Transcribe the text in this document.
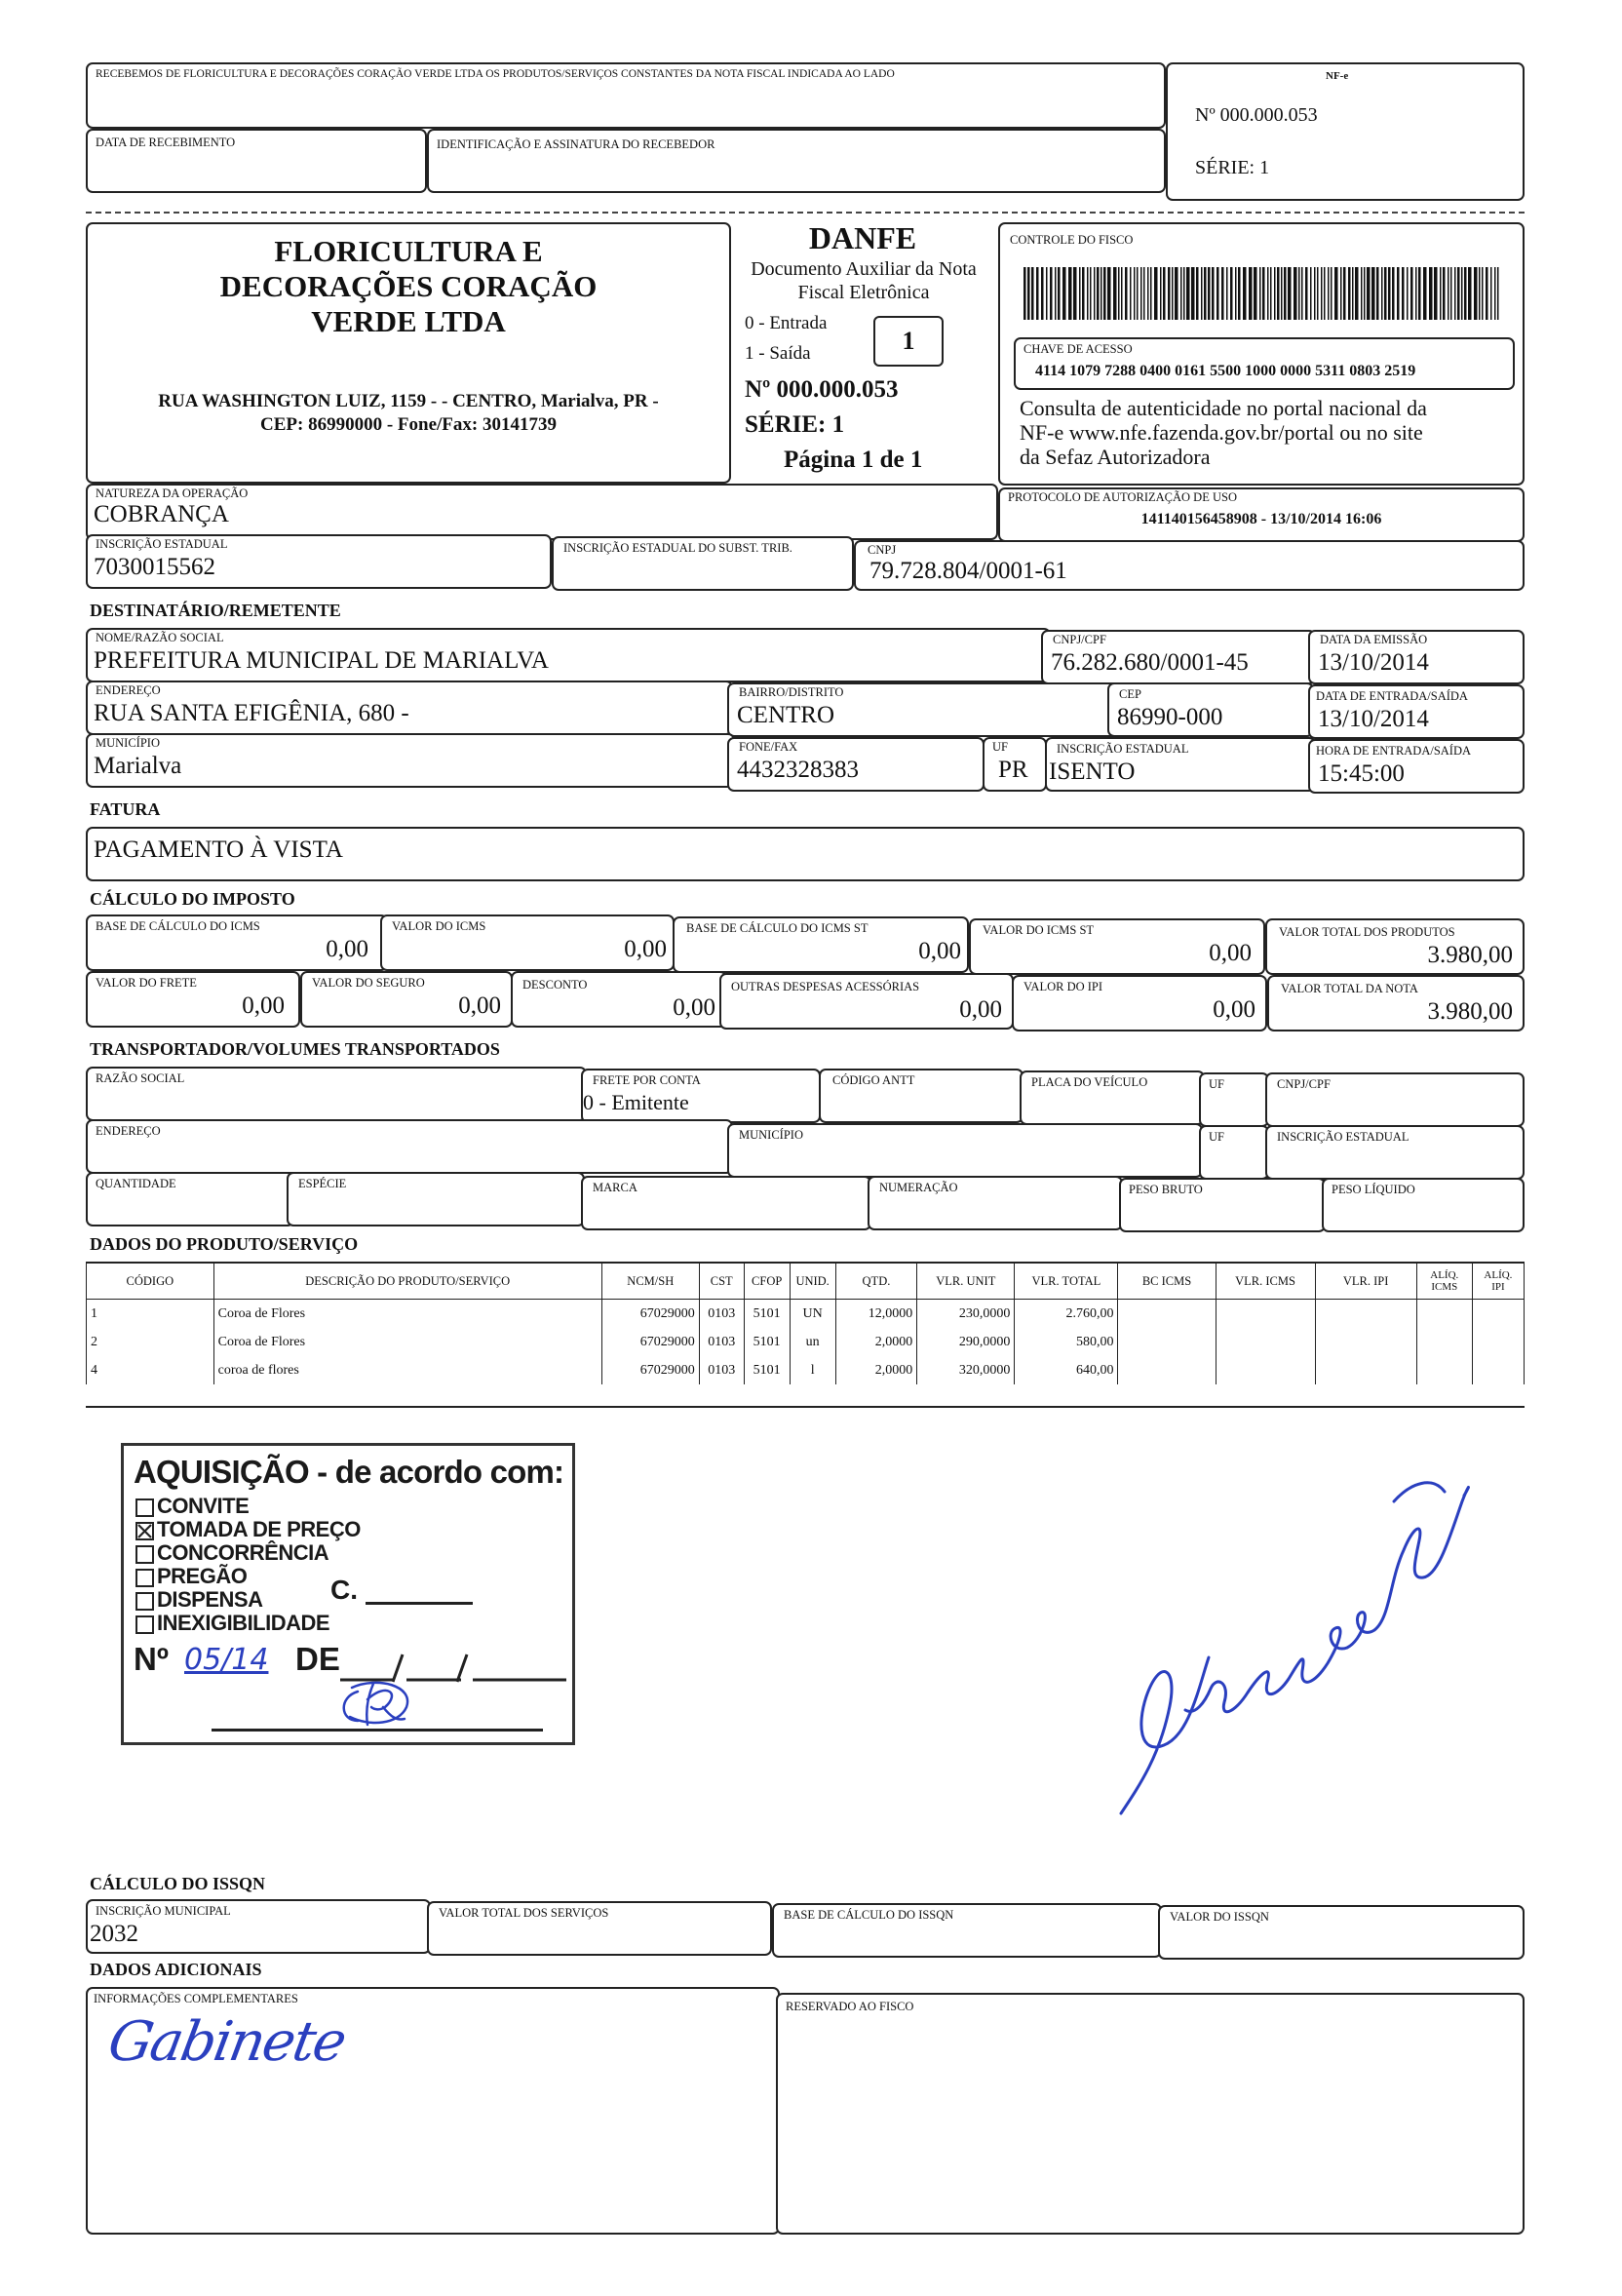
RECEBEMOS DE FLORICULTURA E DECORAÇÕES CORAÇÃO VERDE LTDA OS PRODUTOS/SERVIÇOS CONSTANTES DA NOTA FISCAL INDICADA AO LADO
DATA DE RECEBIMENTO	IDENTIFICAÇÃO E ASSINATURA DO RECEBEDOR
NF-e
Nº 000.000.053
SÉRIE: 1
FLORICULTURA E
DECORAÇÕES CORAÇÃO
VERDE LTDA
RUA WASHINGTON LUIZ, 1159 - - CENTRO, Marialva, PR -
CEP: 86990000 - Fone/Fax: 30141739
DANFE
Documento Auxiliar da Nota
Fiscal Eletrônica
0 - Entrada
1 - Saída	1
Nº 000.000.053
SÉRIE: 1
Página 1 de 1
CONTROLE DO FISCO
CHAVE DE ACESSO
4114 1079 7288 0400 0161 5500 1000 0000 5311 0803 2519
Consulta de autenticidade no portal nacional da
NF-e www.nfe.fazenda.gov.br/portal ou no site
da Sefaz Autorizadora
NATUREZA DA OPERAÇÃO
COBRANÇA
PROTOCOLO DE AUTORIZAÇÃO DE USO
141140156458908 - 13/10/2014 16:06
INSCRIÇÃO ESTADUAL
7030015562
INSCRIÇÃO ESTADUAL DO SUBST. TRIB.	CNPJ
79.728.804/0001-61
DESTINATÁRIO/REMETENTE
NOME/RAZÃO SOCIAL
PREFEITURA MUNICIPAL DE MARIALVA
CNPJ/CPF
76.282.680/0001-45
DATA DA EMISSÃO
13/10/2014
ENDEREÇO
RUA SANTA EFIGÊNIA, 680 -
BAIRRO/DISTRITO
CENTRO
CEP
86990-000
DATA DE ENTRADA/SAÍDA
13/10/2014
MUNICÍPIO
Marialva
FONE/FAX
4432328383
UF
PR
INSCRIÇÃO ESTADUAL
ISENTO
HORA DE ENTRADA/SAÍDA
15:45:00
FATURA
PAGAMENTO À VISTA
CÁLCULO DO IMPOSTO
BASE DE CÁLCULO DO ICMS
0,00
VALOR DO ICMS
0,00
BASE DE CÁLCULO DO ICMS ST
0,00
VALOR DO ICMS ST
0,00
VALOR TOTAL DOS PRODUTOS
3.980,00
VALOR DO FRETE
0,00
VALOR DO SEGURO
0,00
DESCONTO
0,00
OUTRAS DESPESAS ACESSÓRIAS
0,00
VALOR DO IPI
0,00
VALOR TOTAL DA NOTA
3.980,00
TRANSPORTADOR/VOLUMES TRANSPORTADOS
RAZÃO SOCIAL	FRETE POR CONTA
0 - Emitente
CÓDIGO ANTT	PLACA DO VEÍCULO	UF	CNPJ/CPF
ENDEREÇO	MUNICÍPIO	UF	INSCRIÇÃO ESTADUAL
QUANTIDADE	ESPÉCIE	MARCA	NUMERAÇÃO	PESO BRUTO	PESO LÍQUIDO
DADOS DO PRODUTO/SERVIÇO
CÓDIGO	DESCRIÇÃO DO PRODUTO/SERVIÇO	NCM/SH	CST	CFOP	UNID.	QTD.	VLR. UNIT	VLR. TOTAL	BC ICMS	VLR. ICMS	VLR. IPI	ALÍQ. ICMS	ALÍQ. IPI
1	Coroa de Flores	67029000	0103	5101	UN	12,0000	230,0000	2.760,00					
2	Coroa de Flores	67029000	0103	5101	un	2,0000	290,0000	580,00					
4	coroa de flores	67029000	0103	5101	l	2,0000	320,0000	640,00					
AQUISIÇÃO - de acordo com:
CONVITE
TOMADA DE PREÇO
CONCORRÊNCIA
PREGÃO
DISPENSA C.
INEXIGIBILIDADE
Nº 05/14 DE
CÁLCULO DO ISSQN
INSCRIÇÃO MUNICIPAL
2032
VALOR TOTAL DOS SERVIÇOS	BASE DE CÁLCULO DO ISSQN	VALOR DO ISSQN
DADOS ADICIONAIS
INFORMAÇÕES COMPLEMENTARES
Gabinete
RESERVADO AO FISCO
